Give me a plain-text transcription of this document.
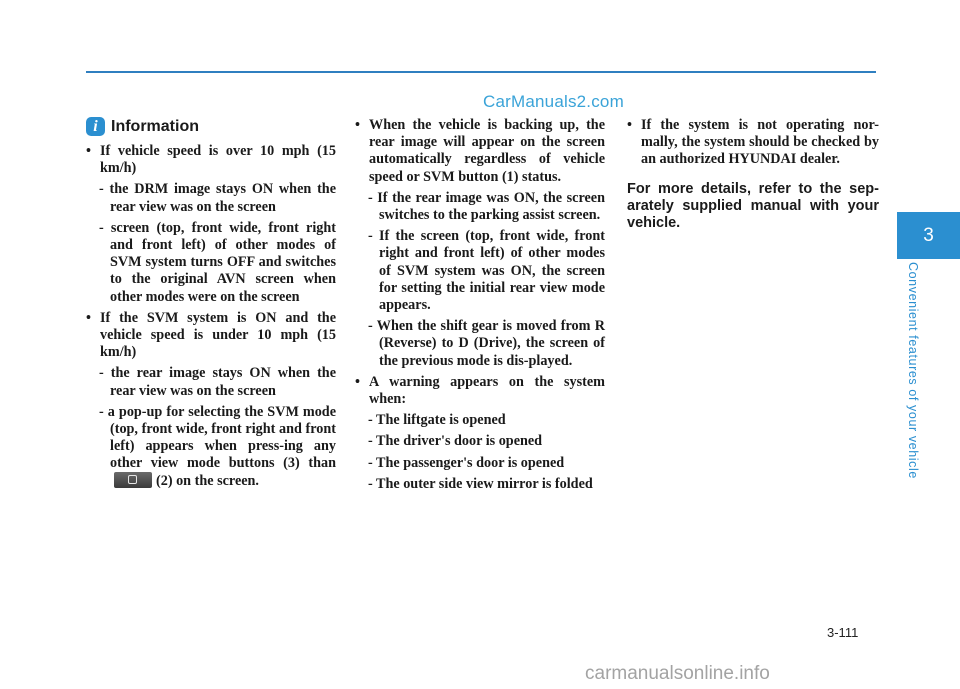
CarManuals2.com
i Information
• If vehicle speed is over 10 mph (15 km/h)
- the DRM image stays ON when the rear view was on the screen
- screen (top, front wide, front right and front left) of other modes of SVM system turns OFF and switches to the original AVN screen when other modes were on the screen
• If the SVM system is ON and the vehicle speed is under 10 mph (15 km/h)
- the rear image stays ON when the rear view was on the screen
- a pop-up for selecting the SVM mode (top, front wide, front right and front left) appears when press-ing any other view mode buttons (3) than(2) on the screen.
• When the vehicle is backing up, the rear image will appear on the screen automatically regardless of vehicle speed or SVM button (1) status.
- If the rear image was ON, the screen switches to the parking assist screen.
- If the screen (top, front wide, front right and front left) of other modes of SVM system was ON, the screen for setting the initial rear view mode appears.
- When the shift gear is moved from R (Reverse) to D (Drive), the screen of the previous mode is dis-played.
• A warning appears on the system when:
- The liftgate is opened
- The driver's door is opened
- The passenger's door is opened
- The outer side view mirror is folded
• If the system is not operating nor-mally, the system should be checked by an authorized HYUNDAI dealer.
For more details, refer to the sep-arately supplied manual with your vehicle.
3
Convenient features of your vehicle
3-111
carmanualsonline.info
